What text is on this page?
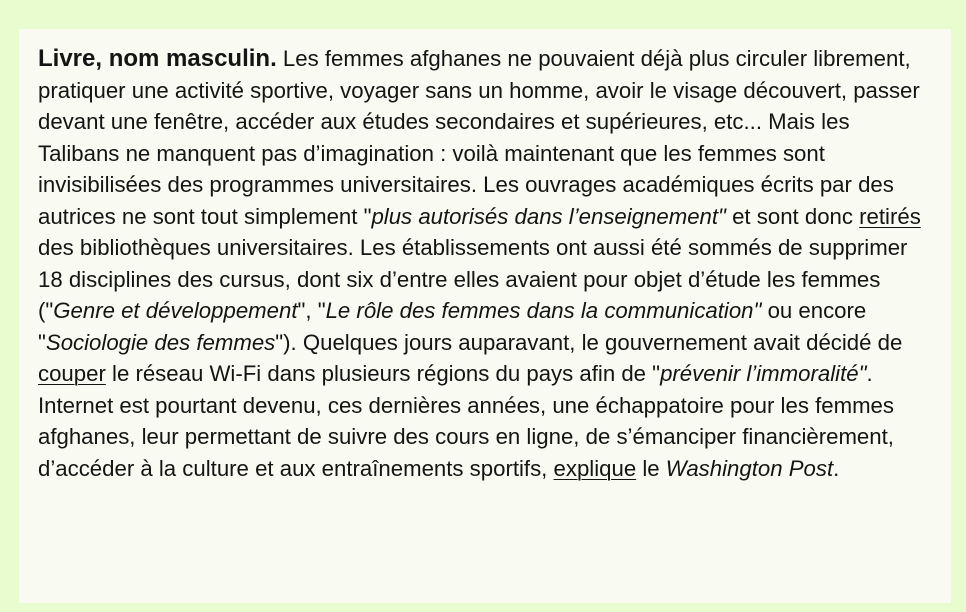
Livre, nom masculin. Les femmes afghanes ne pouvaient déjà plus circuler librement, pratiquer une activité sportive, voyager sans un homme, avoir le visage découvert, passer devant une fenêtre, accéder aux études secondaires et supérieures, etc... Mais les Talibans ne manquent pas d’imagination : voilà maintenant que les femmes sont invisibilisées des programmes universitaires. Les ouvrages académiques écrits par des autrices ne sont tout simplement "plus autorisés dans l’enseignement" et sont donc retirés des bibliothèques universitaires. Les établissements ont aussi été sommés de supprimer 18 disciplines des cursus, dont six d’entre elles avaient pour objet d’étude les femmes ("Genre et développement", "Le rôle des femmes dans la communication" ou encore "Sociologie des femmes"). Quelques jours auparavant, le gouvernement avait décidé de couper le réseau Wi-Fi dans plusieurs régions du pays afin de "prévenir l’immoralité". Internet est pourtant devenu, ces dernières années, une échappatoire pour les femmes afghanes, leur permettant de suivre des cours en ligne, de s’émanciper financièrement, d’accéder à la culture et aux entraînements sportifs, explique le Washington Post.
